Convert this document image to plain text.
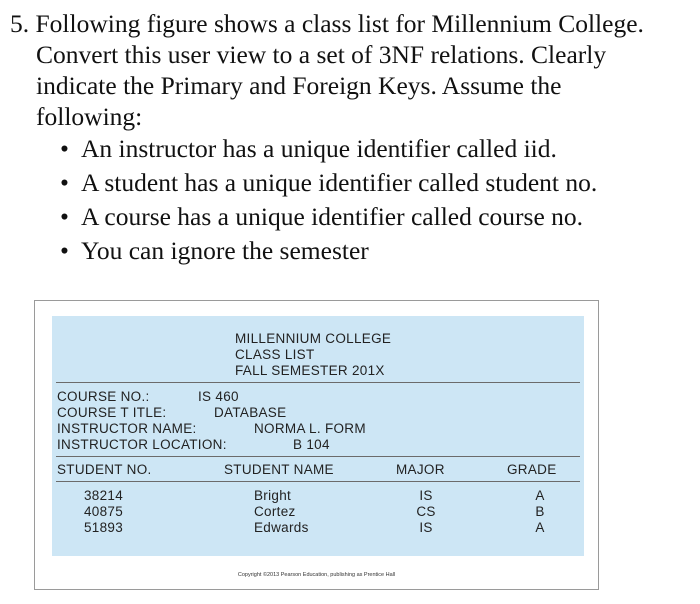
5. Following figure shows a class list for Millennium College.
Convert this user view to a set of 3NF relations. Clearly
indicate the Primary and Foreign Keys. Assume the
following:
• An instructor has a unique identifier called iid.
• A student has a unique identifier called student no.
• A course has a unique identifier called course no.
• You can ignore the semester
MILLENNIUM COLLEGE
CLASS LIST
FALL SEMESTER 201X
COURSE NO.:	IS 460
COURSE T ITLE:	DATABASE
INSTRUCTOR NAME:	NORMA L. FORM
INSTRUCTOR LOCATION:	B 104
STUDENT NO.	STUDENT NAME	MAJOR	GRADE
38214	Bright	IS	A
40875	Cortez	CS	B
51893	Edwards	IS	A
Copyright ©2013 Pearson Education, publishing as Prentice Hall
